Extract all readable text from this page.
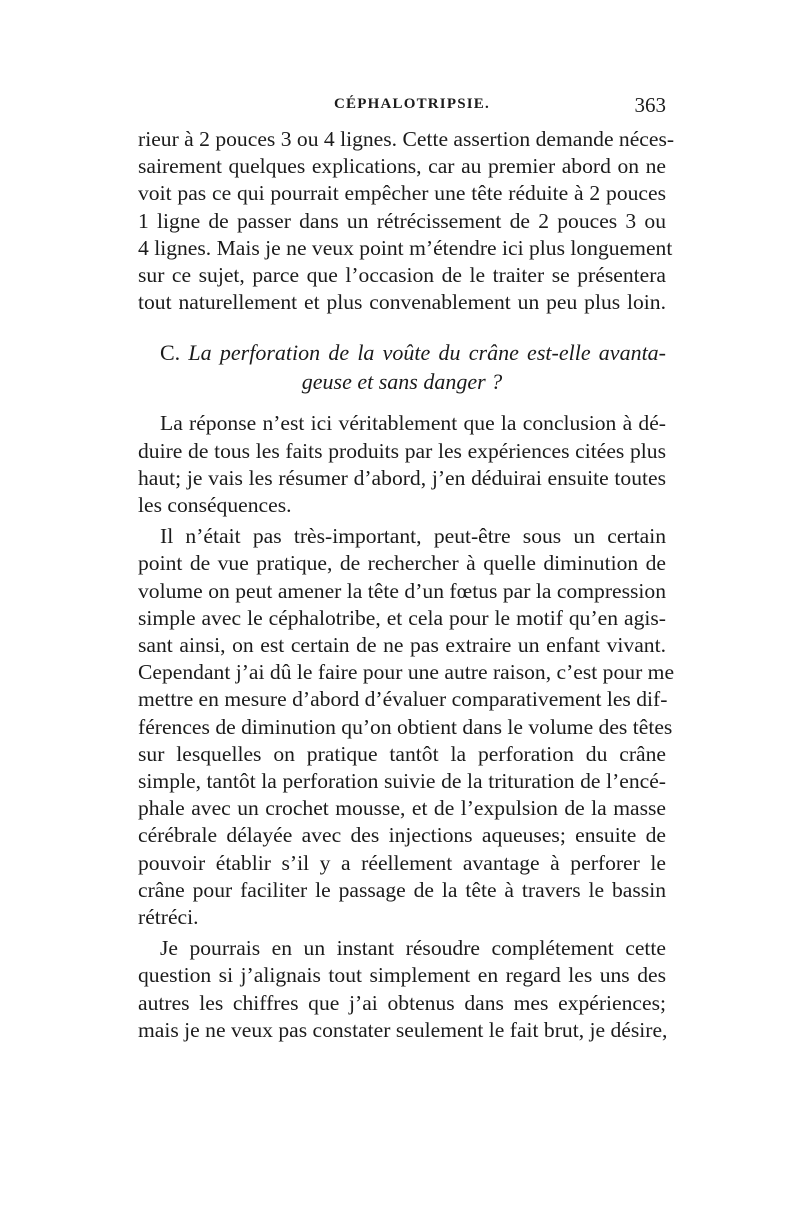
CÉPHALOTRIPSIE.	363
rieur à 2 pouces 3 ou 4 lignes. Cette assertion demande néces-
sairement quelques explications, car au premier abord on ne
voit pas ce qui pourrait empêcher une tête réduite à 2 pouces
1 ligne de passer dans un rétrécissement de 2 pouces 3 ou
4 lignes. Mais je ne veux point m’étendre ici plus longuement
sur ce sujet, parce que l’occasion de le traiter se présentera
tout naturellement et plus convenablement un peu plus loin.
C. La perforation de la voûte du crâne est-elle avanta-
geuse et sans danger ?
La réponse n’est ici véritablement que la conclusion à dé-
duire de tous les faits produits par les expériences citées plus
haut; je vais les résumer d’abord, j’en déduirai ensuite toutes
les conséquences.
Il n’était pas très-important, peut-être sous un certain
point de vue pratique, de rechercher à quelle diminution de
volume on peut amener la tête d’un fœtus par la compression
simple avec le céphalotribe, et cela pour le motif qu’en agis-
sant ainsi, on est certain de ne pas extraire un enfant vivant.
Cependant j’ai dû le faire pour une autre raison, c’est pour me
mettre en mesure d’abord d’évaluer comparativement les dif-
férences de diminution qu’on obtient dans le volume des têtes
sur lesquelles on pratique tantôt la perforation du crâne
simple, tantôt la perforation suivie de la trituration de l’encé-
phale avec un crochet mousse, et de l’expulsion de la masse
cérébrale délayée avec des injections aqueuses; ensuite de
pouvoir établir s’il y a réellement avantage à perforer le
crâne pour faciliter le passage de la tête à travers le bassin
rétréci.
Je pourrais en un instant résoudre complétement cette
question si j’alignais tout simplement en regard les uns des
autres les chiffres que j’ai obtenus dans mes expériences;
mais je ne veux pas constater seulement le fait brut, je désire,
